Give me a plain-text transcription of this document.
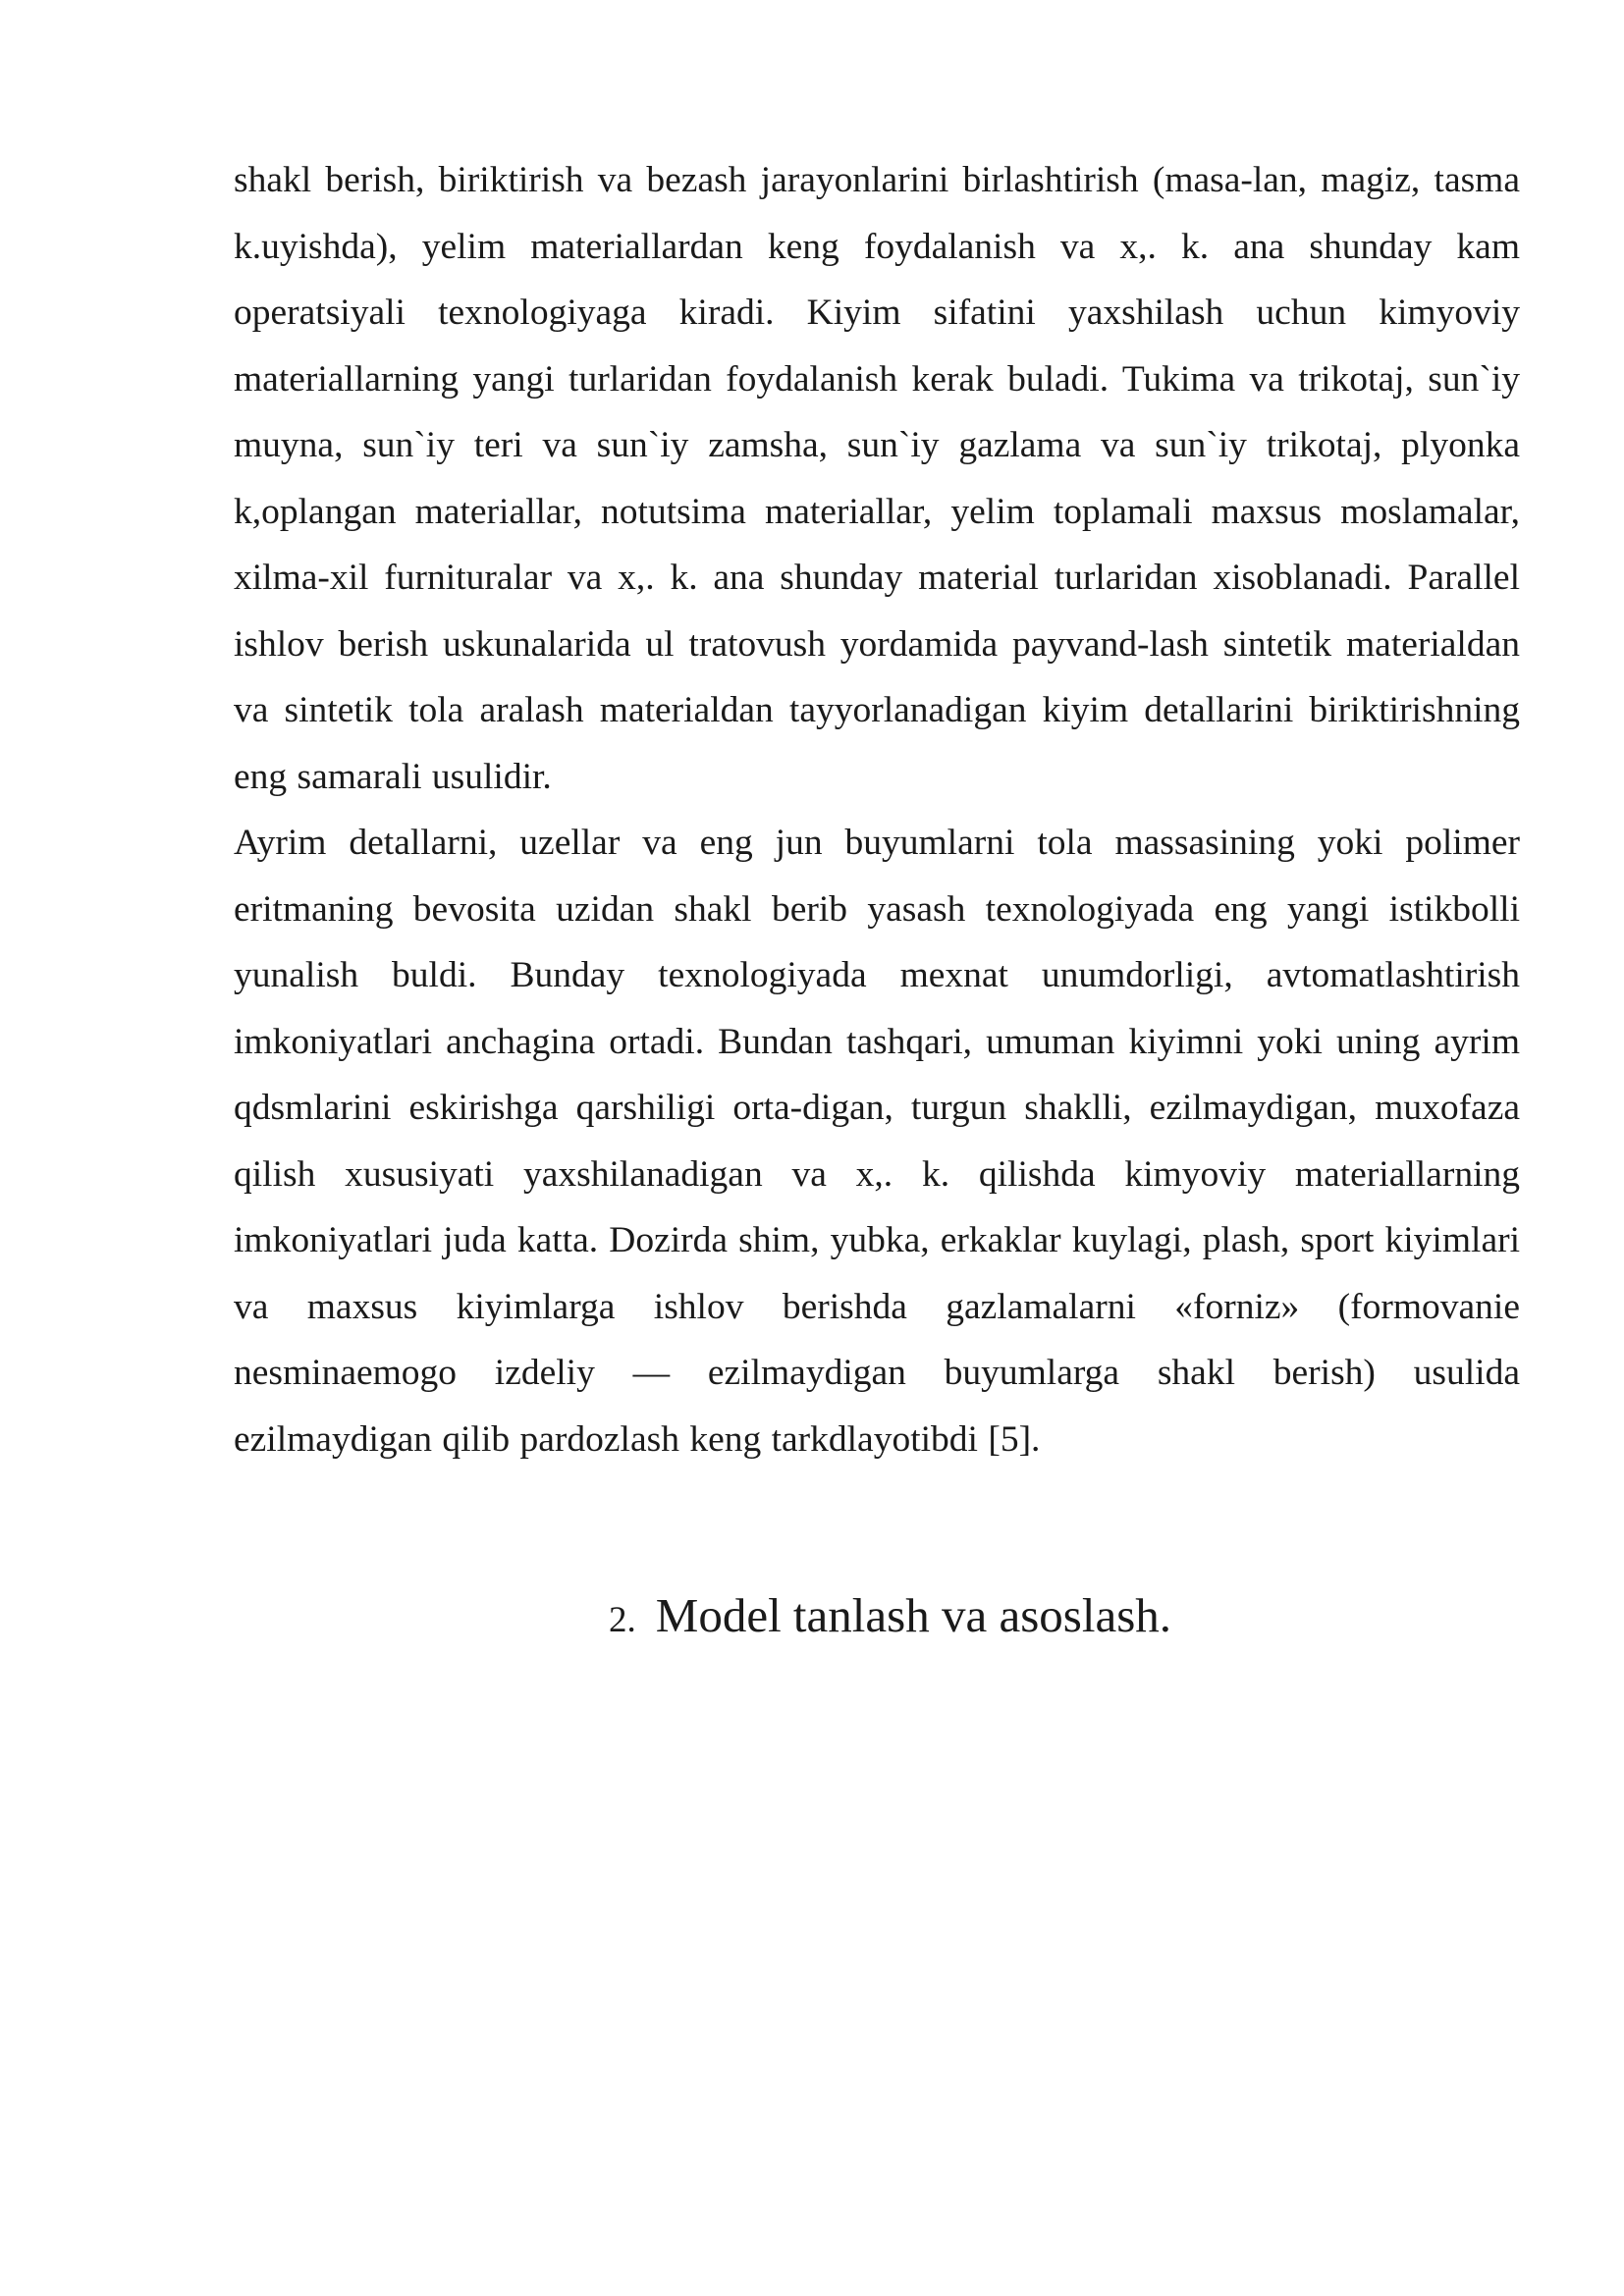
shakl berish, biriktirish va bezash jarayonlarini birlashtirish (masa-lan, magiz, tasma k.uyishda), yelim materiallardan keng foydalanish va x,. k. ana shunday kam operatsiyali texnologiyaga kiradi. Kiyim sifatini yaxshilash uchun kimyoviy materiallarning yangi turlaridan foydalanish kerak buladi. Tukima va trikotaj, sun`iy muyna, sun`iy teri va sun`iy zamsha, sun`iy gazlama va sun`iy trikotaj, plyonka k,oplangan materiallar, notutsima materiallar, yelim toplamali maxsus moslamalar, xilma-xil furnituralar va x,. k. ana shunday material turlaridan xisoblanadi. Parallel ishlov berish uskunalarida ul tratovush yordamida payvand-lash sintetik materialdan va sintetik tola aralash materialdan tayyorlanadigan kiyim detallarini biriktirishning eng samarali usulidir.

Ayrim detallarni, uzellar va eng jun buyumlarni tola massasining yoki polimer eritmaning bevosita uzidan shakl berib yasash texnologiyada eng yangi istikbolli yunalish buldi. Bunday texnologiyada mexnat unumdorligi, avtomatlashtirish imkoniyatlari anchagina ortadi. Bundan tashqari, umuman kiyimni yoki uning ayrim qdsmlarini eskirishga qarshiligi orta-digan, turgun shaklli, ezilmaydigan, muxofaza qilish xususiyati yaxshilanadigan va x,. k. qilishda kimyoviy materiallarning imkoniyatlari juda katta. Dozirda shim, yubka, erkaklar kuylagi, plash, sport kiyimlari va maxsus kiyimlarga ishlov berishda gazlamalarni «forniz» (formovanie nesminaemogo izdeliy — ezilmaydigan buyumlarga shakl berish) usulida ezilmaydigan qilib pardozlash keng tarkdlayotibdi [5].

2. Model tanlash va asoslash.
